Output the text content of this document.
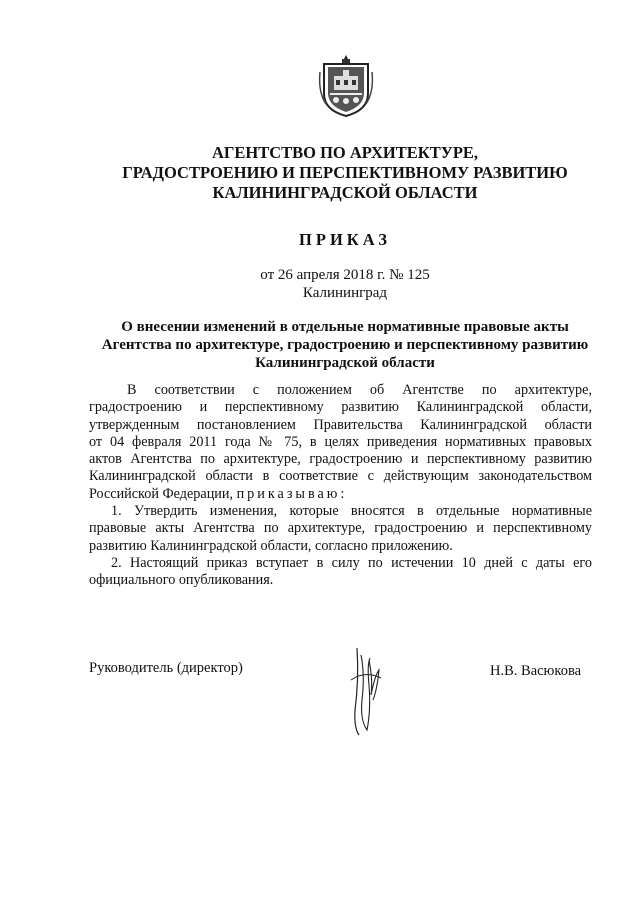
АГЕНТСТВО ПО АРХИТЕКТУРЕ,
ГРАДОСТРОЕНИЮ И ПЕРСПЕКТИВНОМУ РАЗВИТИЮ
КАЛИНИНГРАДСКОЙ ОБЛАСТИ
ПРИКАЗ
от 26 апреля 2018 г. № 125
Калининград
О внесении изменений в отдельные нормативные правовые акты
Агентства по архитектуре, градостроению и перспективному развитию
Калининградской области
В соответствии с положением об Агентстве по архитектуре,
градостроению и перспективному развитию Калининградской области,
утвержденным постановлением Правительства Калининградской области
от 04 февраля 2011 года № 75, в целях приведения нормативных правовых
актов Агентства по архитектуре, градостроению и перспективному развитию
Калининградской области в соответствие с действующим законодательством
Российской Федерации, приказываю:
1. Утвердить изменения, которые вносятся в отдельные нормативные
правовые акты Агентства по архитектуре, градостроению и перспективному
развитию Калининградской области, согласно приложению.
2. Настоящий приказ вступает в силу по истечении 10 дней с даты его
официального опубликования.
Руководитель (директор)	Н.В. Васюкова
